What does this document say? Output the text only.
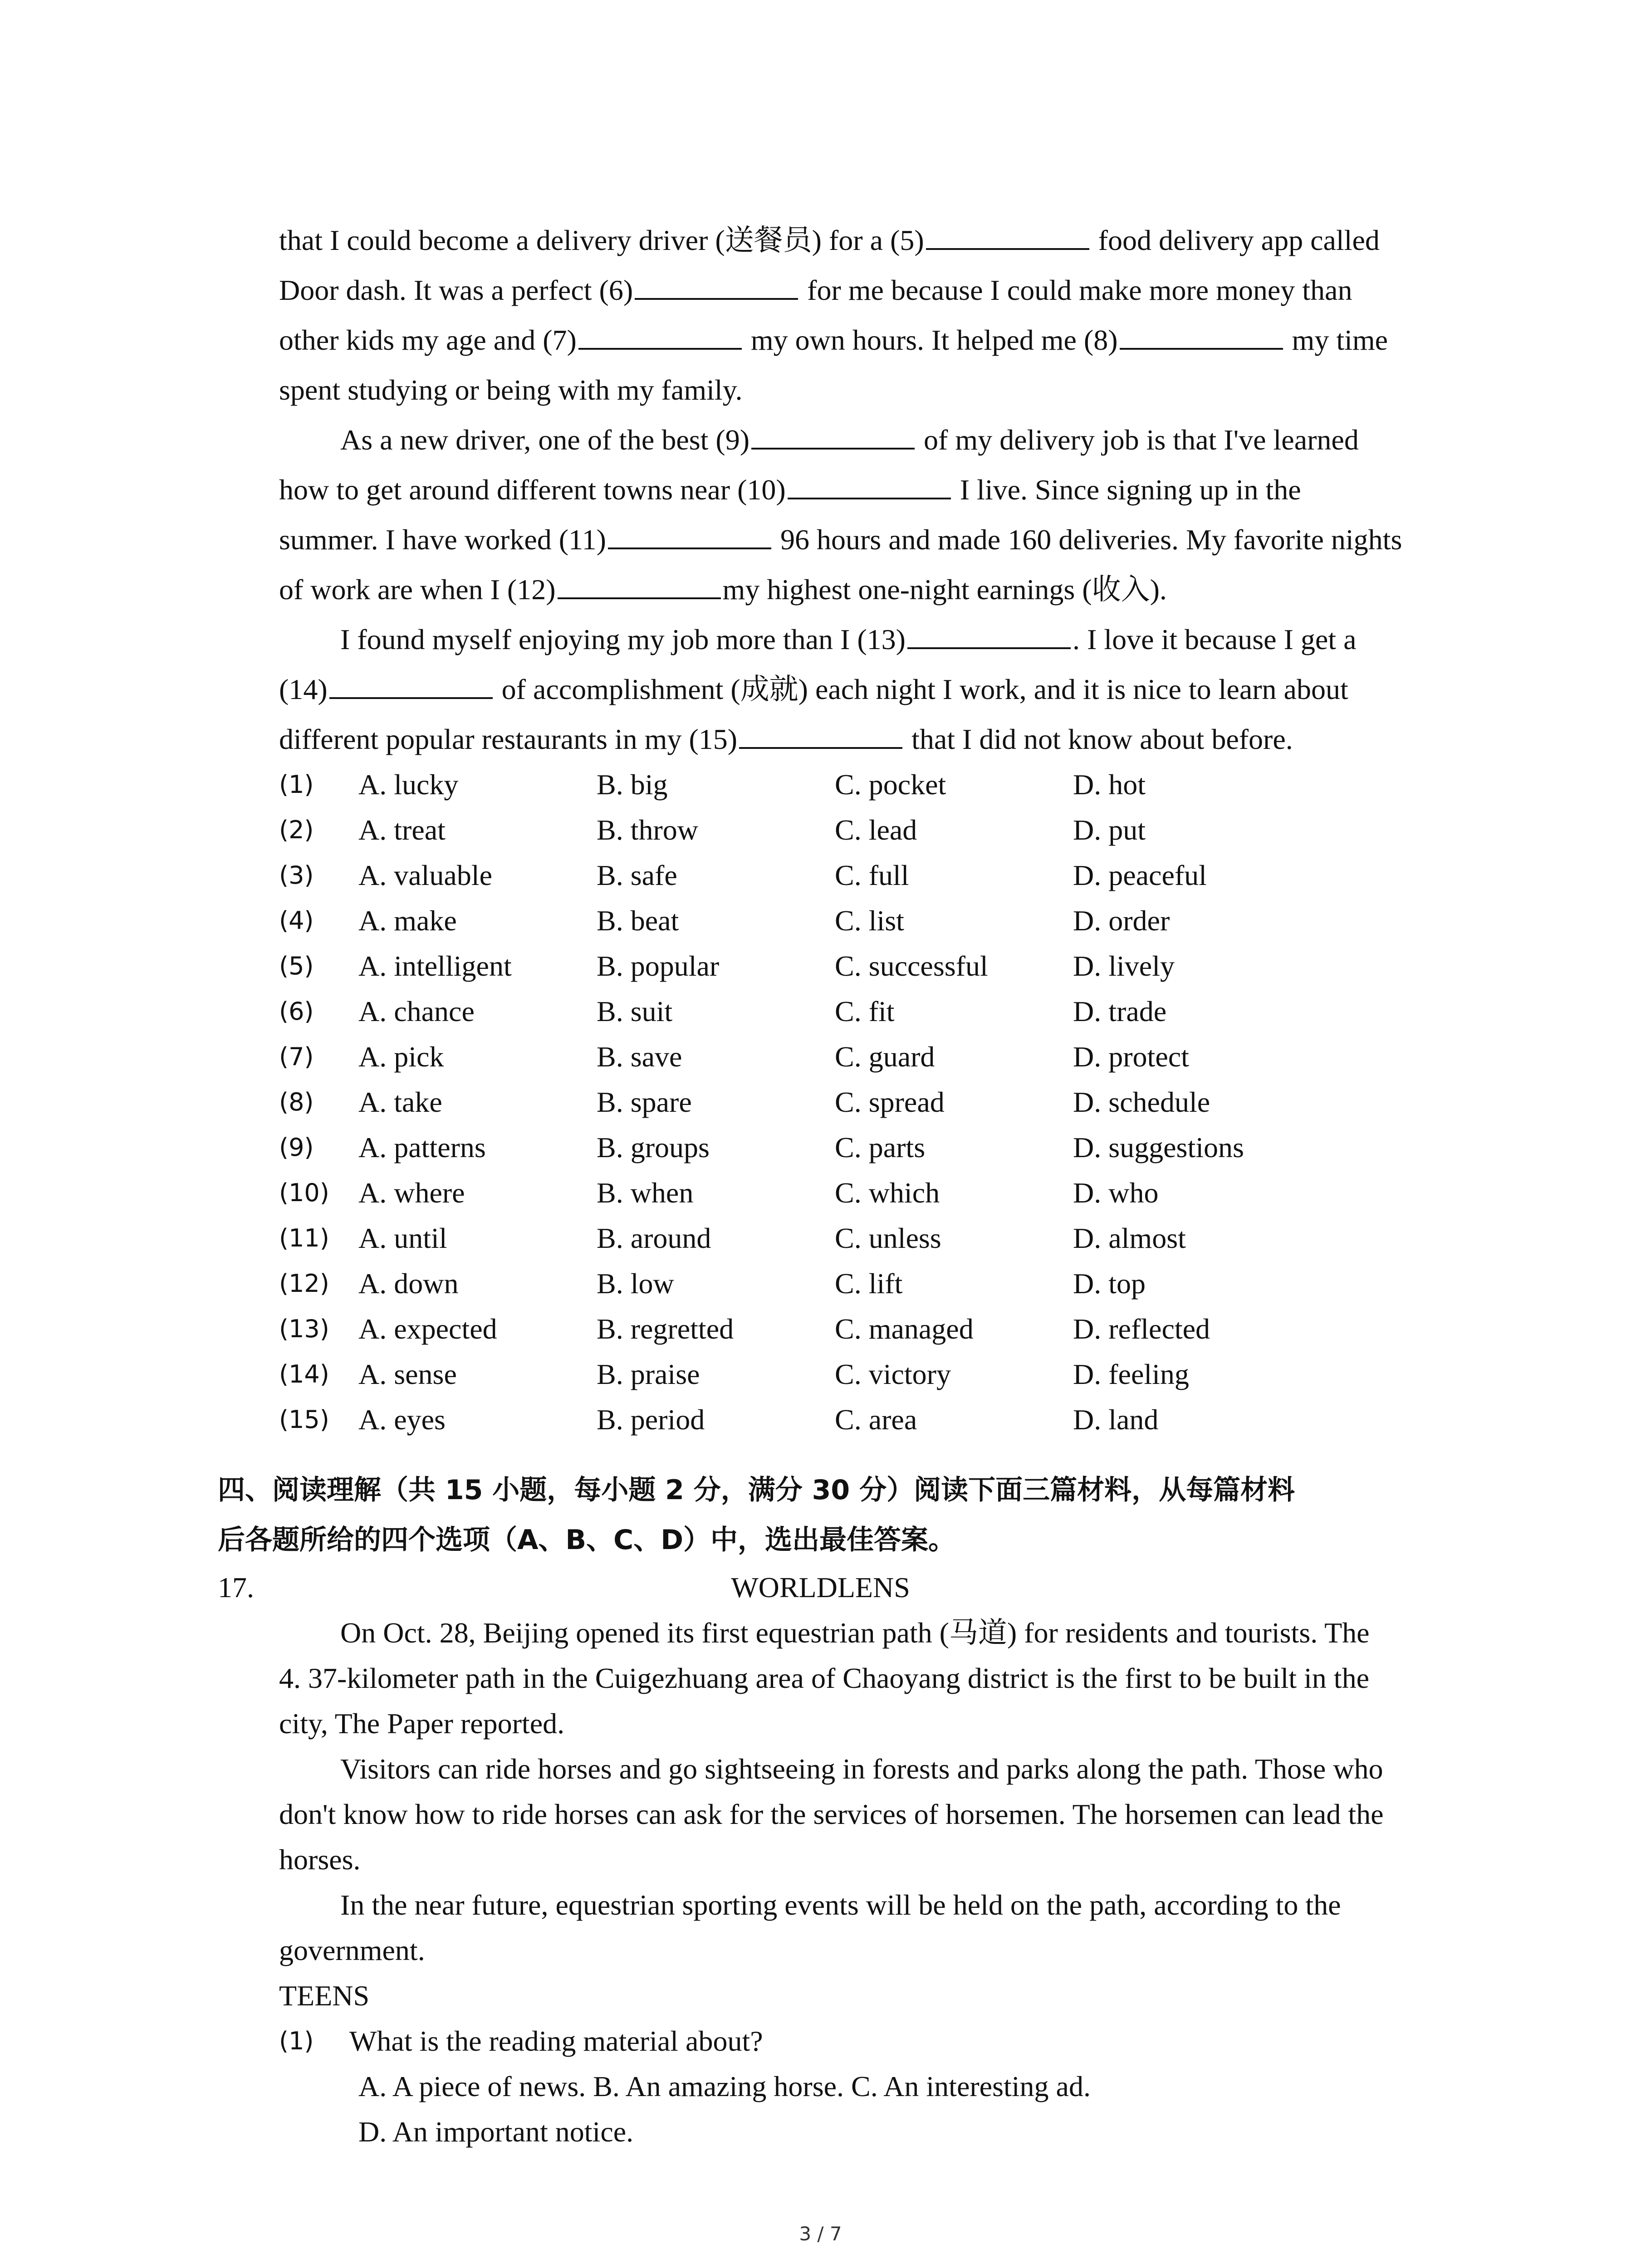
that I could become a delivery driver (送餐员) for a (5)	food delivery app called
Door dash. It was a perfect (6)	for me because I could make more money than
other kids my age and (7)	my own hours. It helped me (8)	my time
spent studying or being with my family.
As a new driver, one of the best (9)	of my delivery job is that I've learned
how to get around different towns near (10)	I live. Since signing up in the
summer. I have worked (11)	96 hours and made 160 deliveries. My favorite nights
of work are when I (12)	my highest one-night earnings (收入).
I found myself enjoying my job more than I (13)	. I love it because I get a
(14)	of accomplishment (成就) each night I work, and it is nice to learn about
different popular restaurants in my (15)	that I did not know about before.
(1) A. lucky	B. big	C. pocket	D. hot
(2) A. treat	B. throw	C. lead	D. put
(3) A. valuable	B. safe	C. full	D. peaceful
(4) A. make	B. beat	C. list	D. order
(5) A. intelligent	B. popular	C. successful	D. lively
(6) A. chance	B. suit	C. fit	D. trade
(7) A. pick	B. save	C. guard	D. protect
(8) A. take	B. spare	C. spread	D. schedule
(9) A. patterns	B. groups	C. parts	D. suggestions
(10) A. where	B. when	C. which	D. who
(11) A. until	B. around	C. unless	D. almost
(12) A. down	B. low	C. lift	D. top
(13) A. expected	B. regretted	C. managed	D. reflected
(14) A. sense	B. praise	C. victory	D. feeling
(15) A. eyes	B. period	C. area	D. land
四、阅读理解（共 15 小题，每小题 2 分，满分 30 分）阅读下面三篇材料，从每篇材料
后各题所给的四个选项（A、B、C、D）中，选出最佳答案。
17.	WORLDLENS
On Oct. 28, Beijing opened its first equestrian path (马道) for residents and tourists. The
4. 37-kilometer path in the Cuigezhuang area of Chaoyang district is the first to be built in the
city, The Paper reported.
Visitors can ride horses and go sightseeing in forests and parks along the path. Those who
don't know how to ride horses can ask for the services of horsemen. The horsemen can lead the
horses.
In the near future, equestrian sporting events will be held on the path, according to the
government.
TEENS
(1) What is the reading material about?
A. A piece of news. B. An amazing horse. C. An interesting ad.
D. An important notice.
3 / 7
